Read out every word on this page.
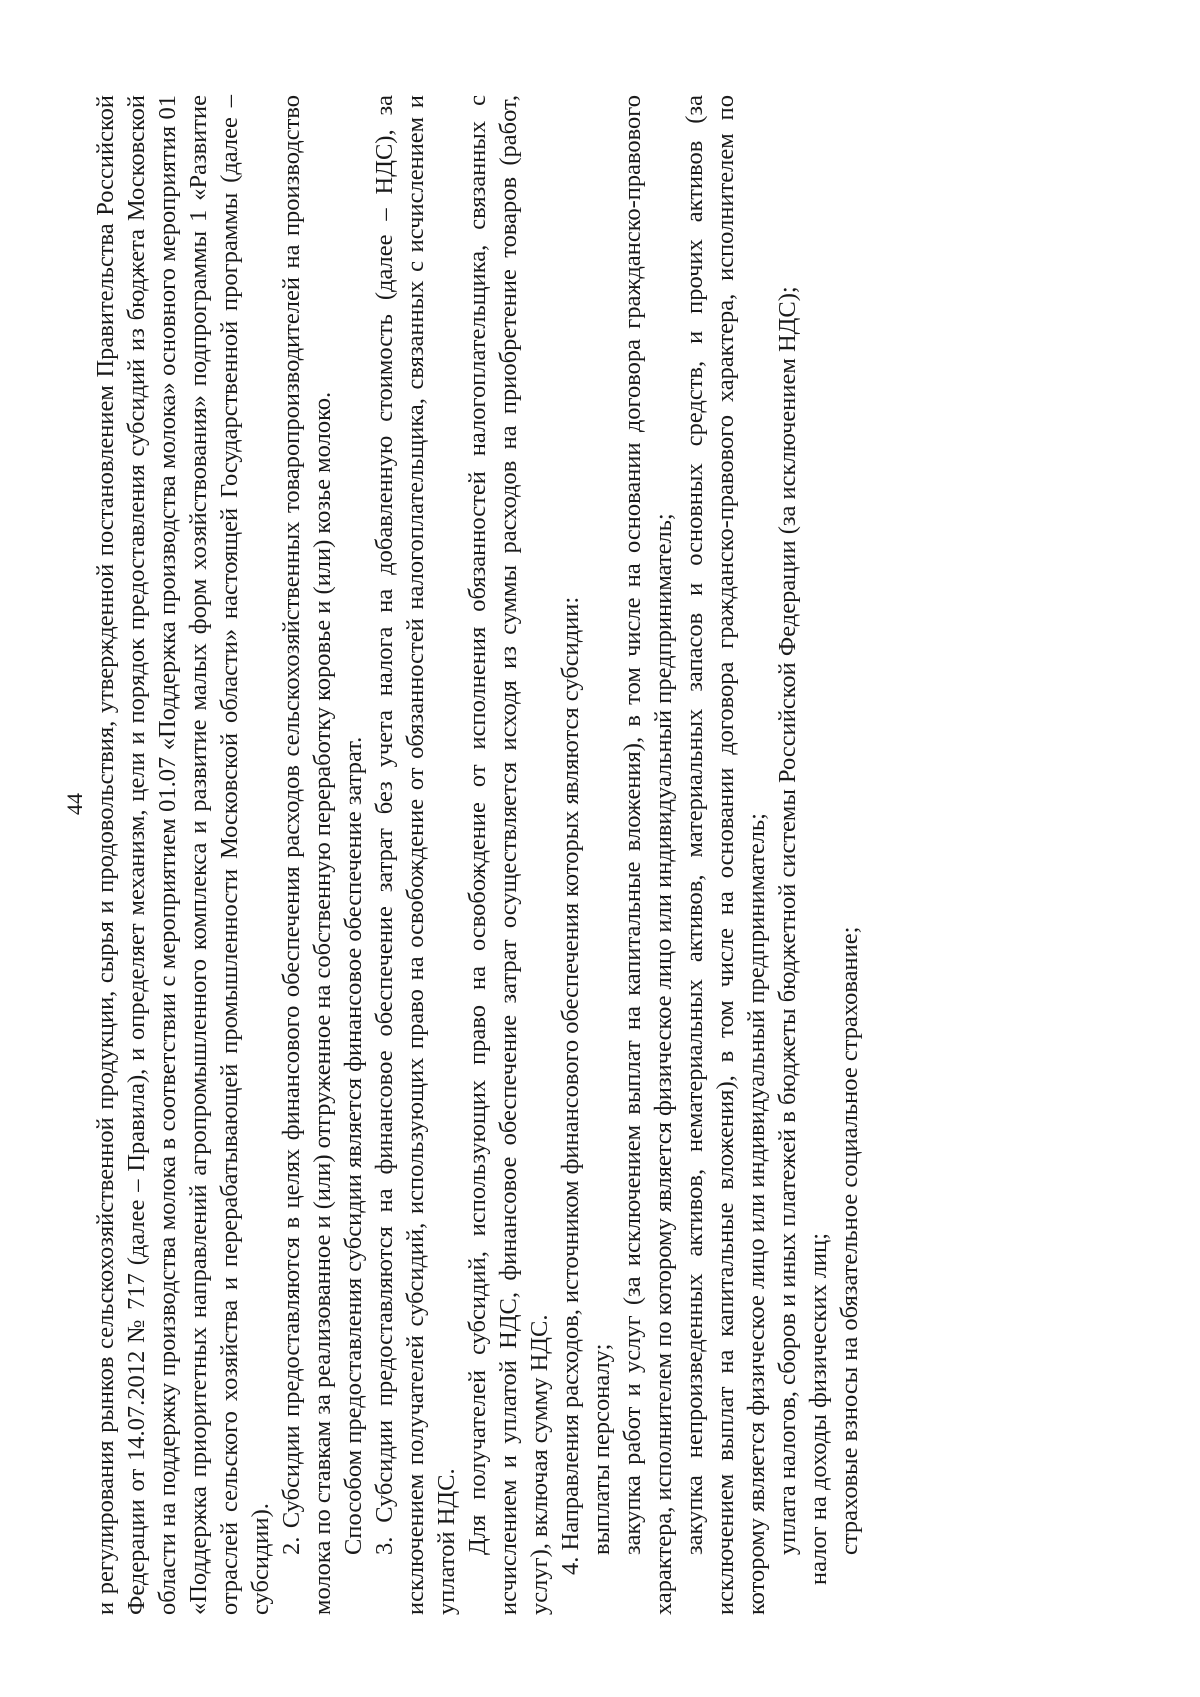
44 и регулирования рынков сельскохозяйственной продукции, сырья и продовольствия, утвержденной постановлением Правительства Российской Федерации от 14.07.2012 № 717 (далее – Правила), и определяет механизм, цели и порядок предоставления субсидий из бюджета Московской области на поддержку производства молока в соответствии с мероприятием 01.07 «Поддержка производства молока» основного мероприятия 01 «Поддержка приоритетных направлений агропромышленного комплекса и развитие малых форм хозяйствования» подпрограммы 1 «Развитие отраслей сельского хозяйства и перерабатывающей промышленности Московской области» настоящей Государственной программы (далее – субсидии).

2. Субсидии предоставляются в целях финансового обеспечения расходов сельскохозяйственных товаропроизводителей на производство молока по ставкам за реализованное и (или) отгруженное на собственную переработку коровье и (или) козье молоко. Способом предоставления субсидии является финансовое обеспечение затрат. 3. Субсидии предоставляются на финансовое обеспечение затрат без учета налога на добавленную стоимость (далее – НДС), за исключением получателей субсидий, использующих право на освобождение от обязанностей налогоплательщика, связанных с исчислением и уплатой НДС. Для получателей субсидий, использующих право на освобождение от исполнения обязанностей налогоплательщика, связанных с исчислением и уплатой НДС, финансовое обеспечение затрат осуществляется исходя из суммы расходов на приобретение товаров (работ, услуг), включая сумму НДС. 4. Направления расходов, источником финансового обеспечения которых являются субсидии: выплаты персоналу; закупка работ и услуг (за исключением выплат на капитальные вложения), в том числе на основании договора гражданско-правового характера, исполнителем по которому является физическое лицо или индивидуальный предприниматель; закупка непроизведенных активов, нематериальных активов, материальных запасов и основных средств, и прочих активов (за исключением выплат на капитальные вложения), в том числе на основании договора гражданско-правового характера, исполнителем по которому является физическое лицо или индивидуальный предприниматель; уплата налогов, сборов и иных платежей в бюджеты бюджетной системы Российской Федерации (за исключением НДС); налог на доходы физических лиц; страховые взносы на обязательное социальное страхование;
